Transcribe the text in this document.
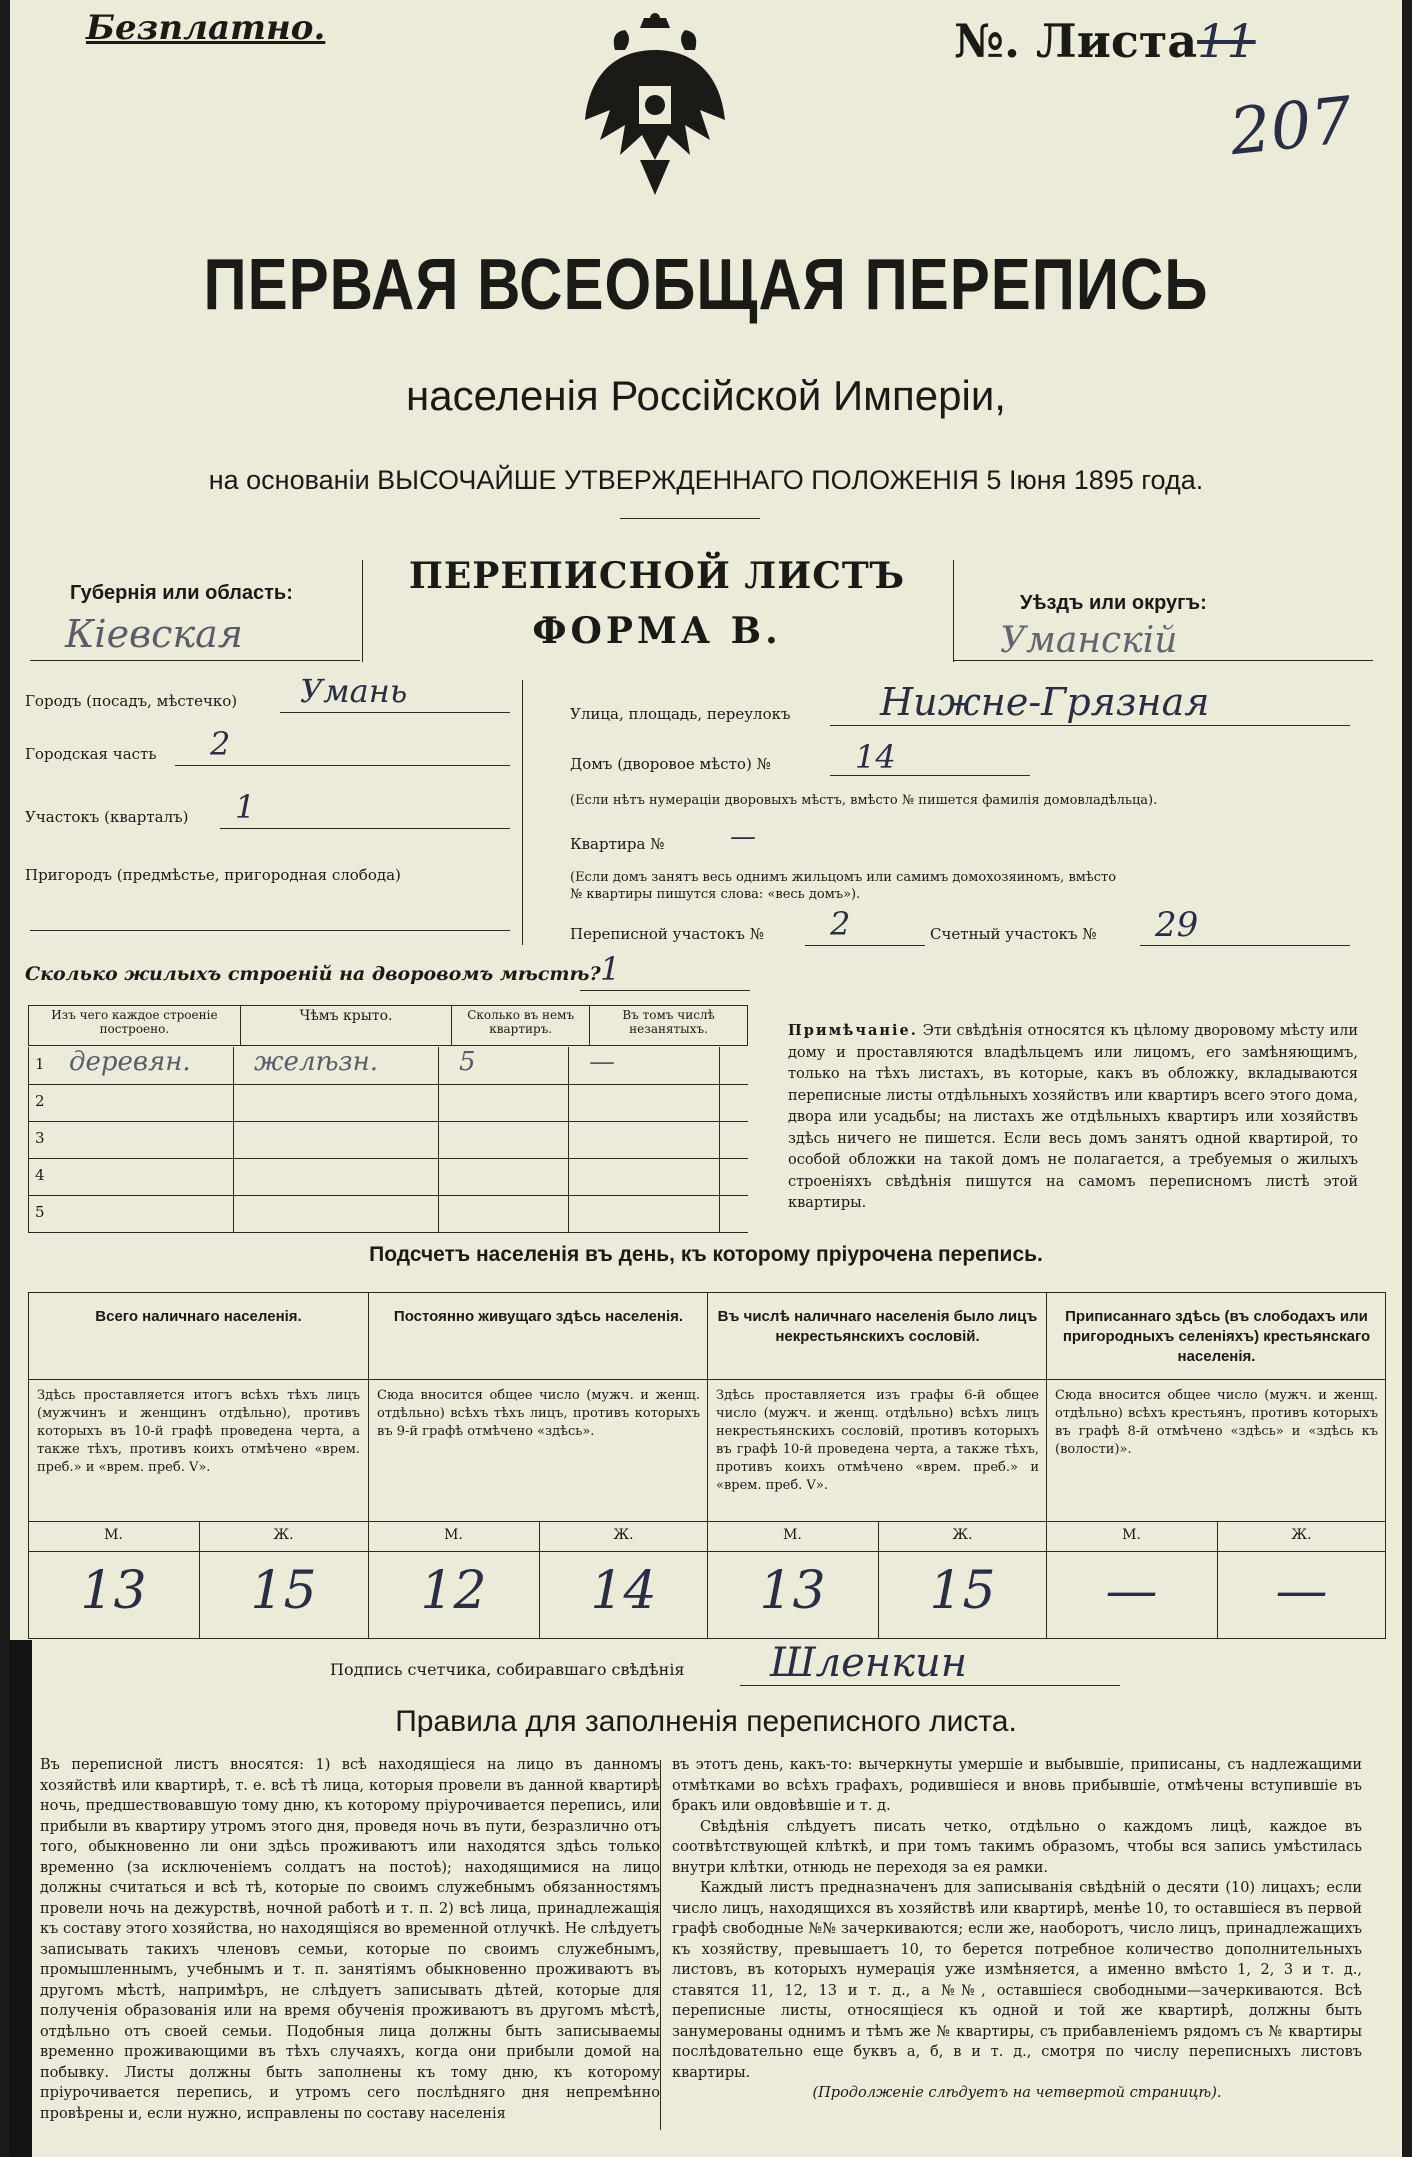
Безплатно.	№. Листа11
207
ПЕРВАЯ ВСЕОБЩАЯ ПЕРЕПИСЬ
населенія Россійской Имперіи,
на основаніи ВЫСОЧАЙШЕ УТВЕРЖДЕННАГО ПОЛОЖЕНІЯ 5 Іюня 1895 года.
Губернія или область:
Кіевская
ПЕРЕПИСНОЙ ЛИСТЪ
ФОРМА В.
Уѣздъ или округъ:
Уманскій
Городъ (посадъ, мѣстечко) Умань
Городская часть 2
Участокъ (кварталъ) 1
Пригородъ (предмѣстье, пригородная слобода)
Улица, площадь, переулокъ Нижне-Грязная
Домъ (дворовое мѣсто) №	14
(Если нѣтъ нумераціи дворовыхъ мѣстъ, вмѣсто № пишется фамилія домовладѣльца).
Квартира №	—
(Если домъ занятъ весь однимъ жильцомъ или самимъ домохозяиномъ, вмѣсто
№ квартиры пишутся слова: «весь домъ»).
Переписной участокъ № 2	Счетный участокъ № 29
Сколько жилыхъ строеній на дворовомъ мѣстѣ? 1
Изъ чего каждое строеніе построено.	Чѣмъ крыто.	Сколько въ немъ квартиръ.	Въ томъ числѣ незанятыхъ.
1 деревян. желѣзн.	5	—
2
3
4
5
Примѣчаніе. Эти свѣдѣнія относятся къ цѣлому дворовому мѣсту или дому и проставляются владѣльцемъ или лицомъ, его замѣняющимъ, только на тѣхъ листахъ, въ которые, какъ въ обложку, вкладываются переписные листы отдѣльныхъ хозяйствъ или квартиръ всего этого дома, двора или усадьбы; на листахъ же отдѣльныхъ квартиръ или хозяйствъ здѣсь ничего не пишется. Если весь домъ занятъ одной квартирой, то особой обложки на такой домъ не полагается, а требуемыя о жилыхъ строеніяхъ свѣдѣнія пишутся на самомъ переписномъ листѣ этой квартиры.
Подсчетъ населенія въ день, къ которому пріурочена перепись.
Всего наличнаго населенія.
Здѣсь проставляется итогъ всѣхъ тѣхъ лицъ (мужчинъ и женщинъ отдѣльно), противъ которыхъ въ 10-й графѣ проведена черта, а также тѣхъ, противъ коихъ отмѣчено «врем. преб.» и «врем. преб. V».
М.	Ж.
13	15
Постоянно живущаго здѣсь населенія.
Сюда вносится общее число (мужч. и женщ. отдѣльно) всѣхъ тѣхъ лицъ, противъ которыхъ въ 9-й графѣ отмѣчено «здѣсь».
М.	Ж.
12	14
Въ числѣ наличнаго населенія было лицъ некрестьянскихъ сословій.
Здѣсь проставляется изъ графы 6-й общее число (мужч. и женщ. отдѣльно) всѣхъ лицъ некрестьянскихъ сословій, противъ которыхъ въ графѣ 10-й проведена черта, а также тѣхъ, противъ коихъ отмѣчено «врем. преб.» и «врем. преб. V».
М.	Ж.
13	15
Приписаннаго здѣсь (въ слободахъ или пригородныхъ селеніяхъ) крестьянскаго населенія.
Сюда вносится общее число (мужч. и женщ. отдѣльно) всѣхъ крестьянъ, противъ которыхъ въ графѣ 8-й отмѣчено «здѣсь» и «здѣсь къ (волости)».
М.	Ж.
—	—
Подпись счетчика, собиравшаго свѣдѣнія Шленкин
Правила для заполненія переписного листа.
Въ переписной листъ вносятся: 1) всѣ находящіеся на лицо въ данномъ хозяйствѣ или квартирѣ, т. е. всѣ тѣ лица, которыя провели въ данной квартирѣ ночь, предшествовавшую тому дню, къ которому пріурочивается перепись, или прибыли въ квартиру утромъ этого дня, проведя ночь въ пути, безразлично отъ того, обыкновенно ли они здѣсь проживаютъ или находятся здѣсь только временно (за исключеніемъ солдатъ на постоѣ); находящимися на лицо должны считаться и всѣ тѣ, которые по своимъ служебнымъ обязанностямъ провели ночь на дежурствѣ, ночной работѣ и т. п. 2) всѣ лица, принадлежащія къ составу этого хозяйства, но находящіяся во временной отлучкѣ. Не слѣдуетъ записывать такихъ членовъ семьи, которые по своимъ служебнымъ, промышленнымъ, учебнымъ и т. п. занятіямъ обыкновенно проживаютъ въ другомъ мѣстѣ, напримѣръ, не слѣдуетъ записывать дѣтей, которые для полученія образованія или на время обученія проживаютъ въ другомъ мѣстѣ, отдѣльно отъ своей семьи. Подобныя лица должны быть записываемы временно проживающими въ тѣхъ случаяхъ, когда они прибыли домой на побывку. Листы должны быть заполнены къ тому дню, къ которому пріурочивается перепись, и утромъ сего послѣдняго дня непремѣнно провѣрены и, если нужно, исправлены по составу населенія
въ этотъ день, какъ-то: вычеркнуты умершіе и выбывшіе, приписаны, съ надлежащими отмѣтками во всѣхъ графахъ, родившіеся и вновь прибывшіе, отмѣчены вступившіе въ бракъ или овдовѣвшіе и т. д.
Свѣдѣнія слѣдуетъ писать четко, отдѣльно о каждомъ лицѣ, каждое въ соотвѣтствующей клѣткѣ, и при томъ такимъ образомъ, чтобы вся запись умѣстилась внутри клѣтки, отнюдь не переходя за ея рамки.
Каждый листъ предназначенъ для записыванія свѣдѣній о десяти (10) лицахъ; если число лицъ, находящихся въ хозяйствѣ или квартирѣ, менѣе 10, то оставшіеся въ первой графѣ свободные №№ зачеркиваются; если же, наоборотъ, число лицъ, принадлежащихъ къ хозяйству, превышаетъ 10, то берется потребное количество дополнительныхъ листовъ, въ которыхъ нумерація уже измѣняется, а именно вмѣсто 1, 2, 3 и т. д., ставятся 11, 12, 13 и т. д., а №№, оставшіеся свободными—зачеркиваются. Всѣ переписные листы, относящіеся къ одной и той же квартирѣ, должны быть занумерованы однимъ и тѣмъ же № квартиры, съ прибавленіемъ рядомъ съ № квартиры послѣдовательно еще буквъ а, б, в и т. д., смотря по числу переписныхъ листовъ квартиры.
(Продолженіе слѣдуетъ на четвертой страницѣ).
